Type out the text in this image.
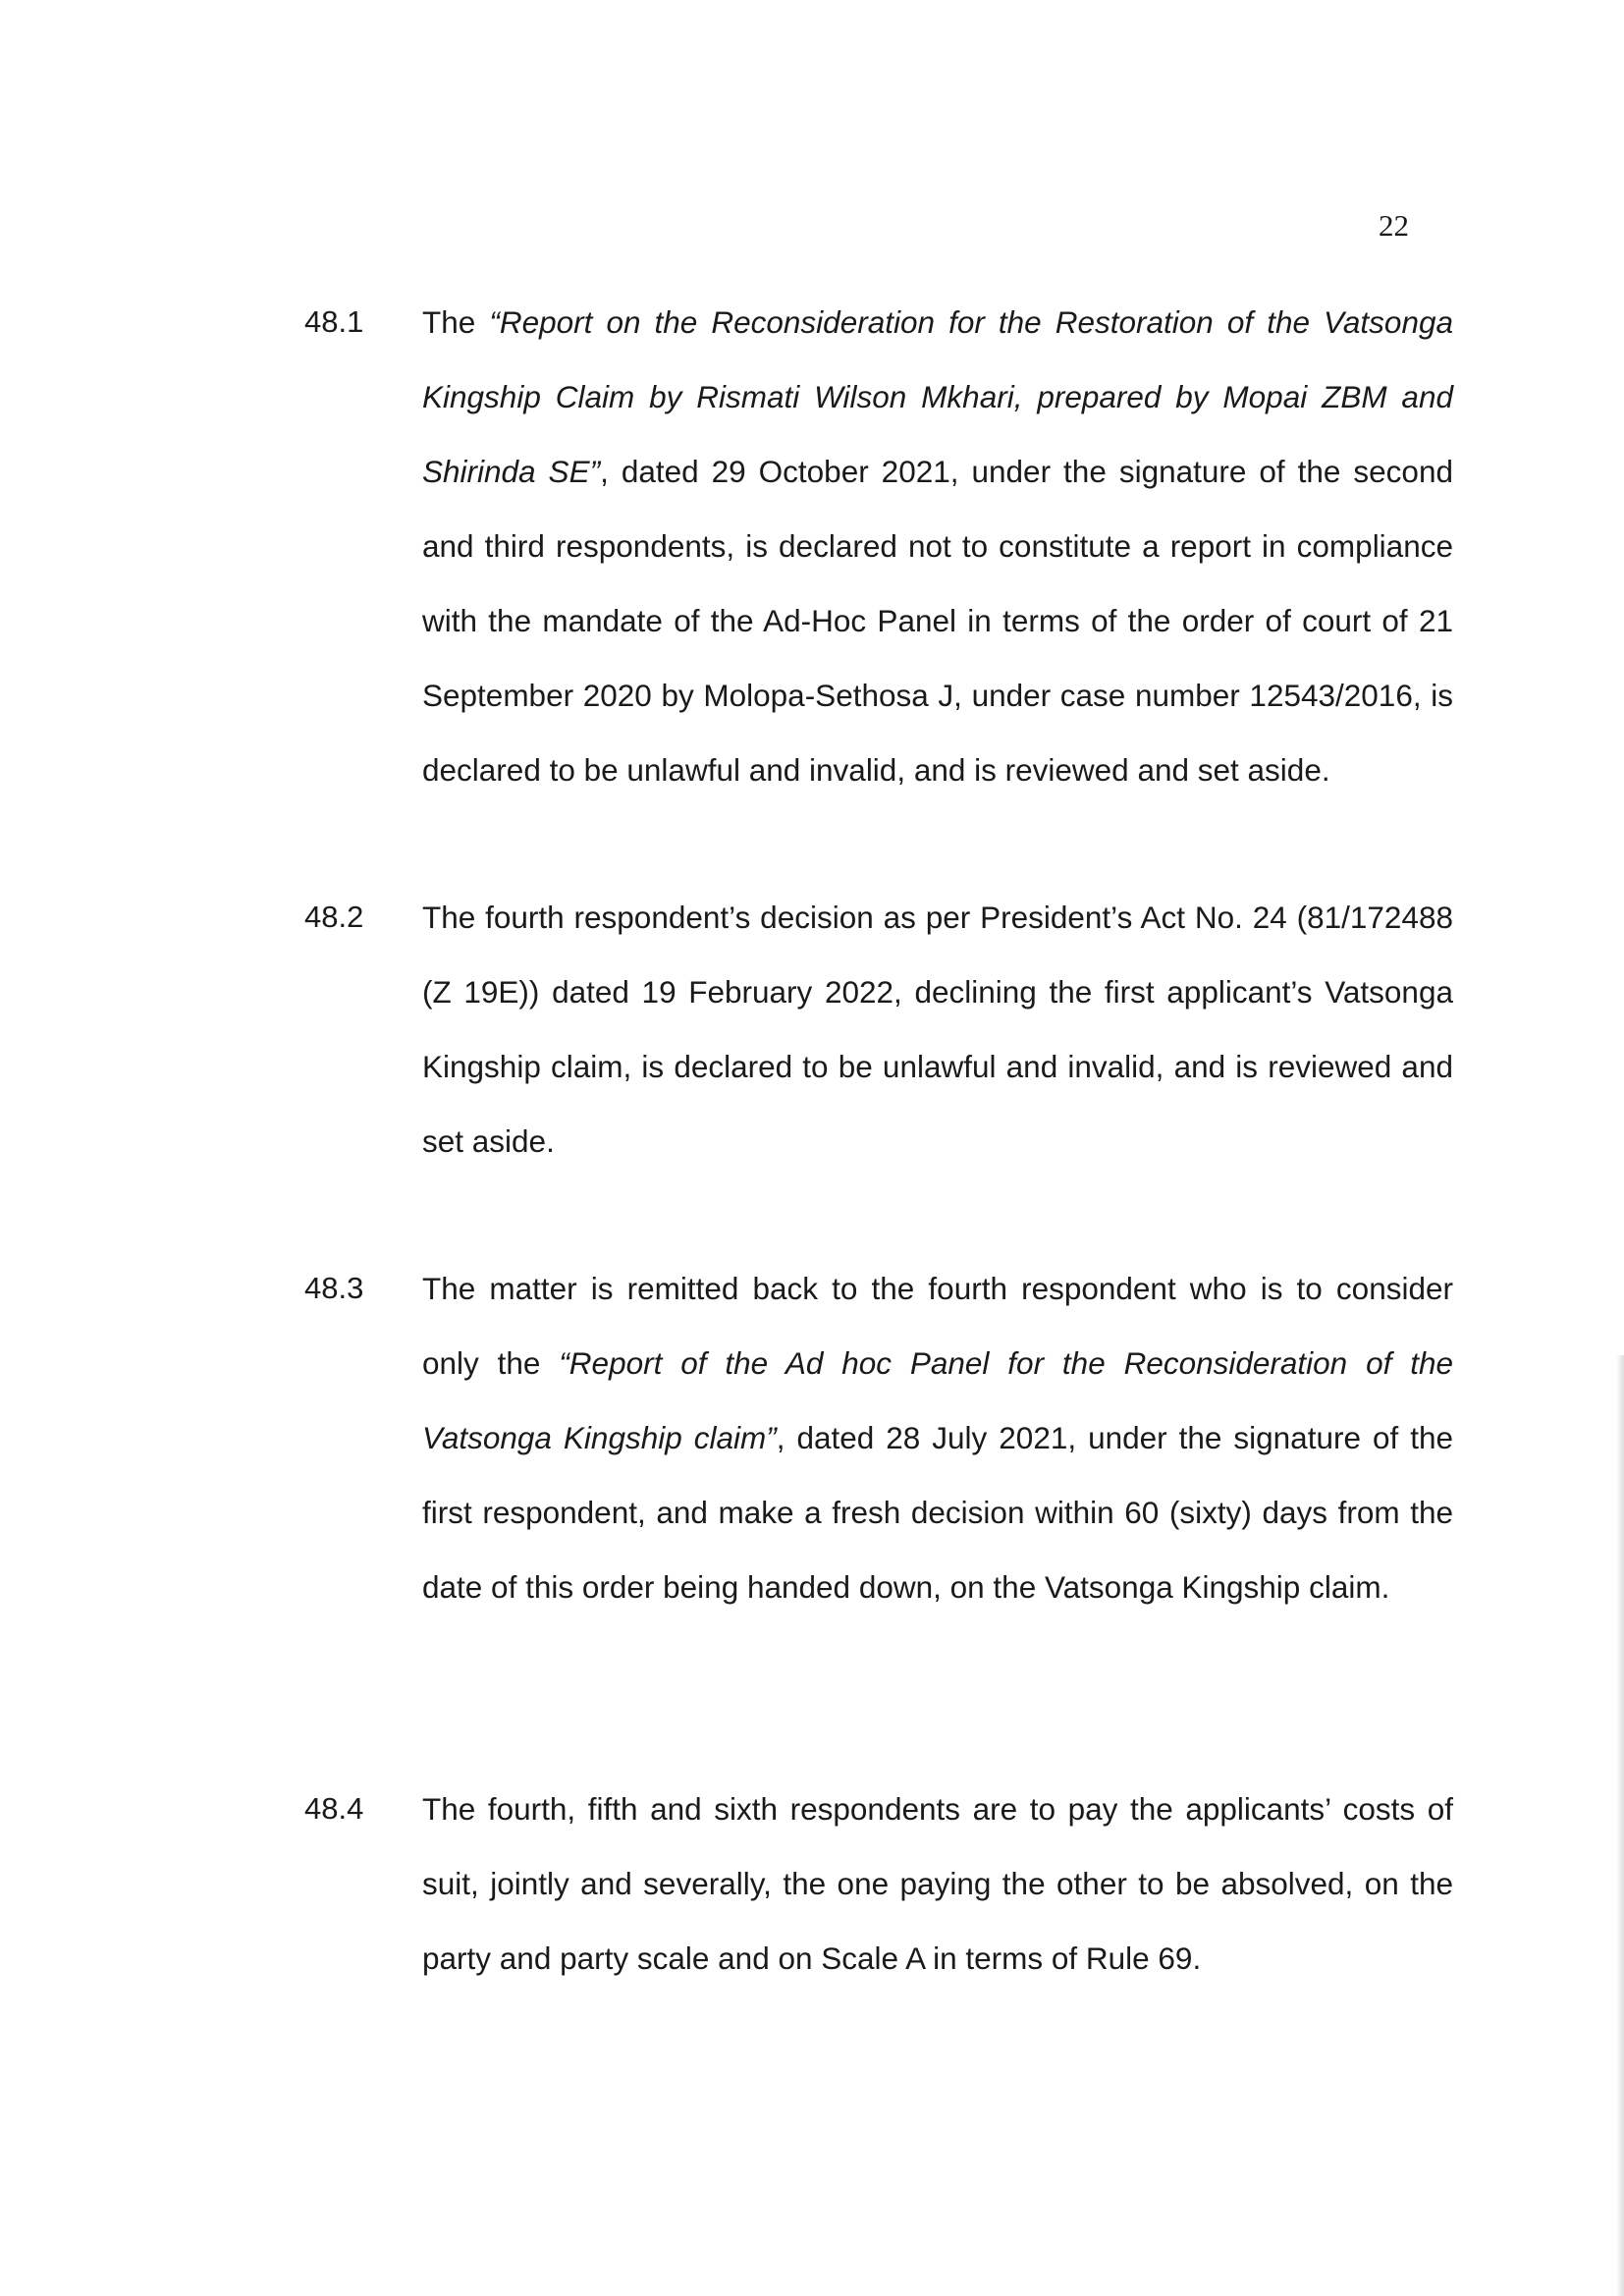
22
48.1 The “Report on the Reconsideration for the Restoration of the Vatsonga Kingship Claim by Rismati Wilson Mkhari, prepared by Mopai ZBM and Shirinda SE”, dated 29 October 2021, under the signature of the second and third respondents, is declared not to constitute a report in compliance with the mandate of the Ad-Hoc Panel in terms of the order of court of 21 September 2020 by Molopa-Sethosa J, under case number 12543/2016, is declared to be unlawful and invalid, and is reviewed and set aside.
48.2 The fourth respondent’s decision as per President’s Act No. 24 (81/172488 (Z 19E)) dated 19 February 2022, declining the first applicant’s Vatsonga Kingship claim, is declared to be unlawful and invalid, and is reviewed and set aside.
48.3 The matter is remitted back to the fourth respondent who is to consider only the “Report of the Ad hoc Panel for the Reconsideration of the Vatsonga Kingship claim”, dated 28 July 2021, under the signature of the first respondent, and make a fresh decision within 60 (sixty) days from the date of this order being handed down, on the Vatsonga Kingship claim.
48.4 The fourth, fifth and sixth respondents are to pay the applicants’ costs of suit, jointly and severally, the one paying the other to be absolved, on the party and party scale and on Scale A in terms of Rule 69.
